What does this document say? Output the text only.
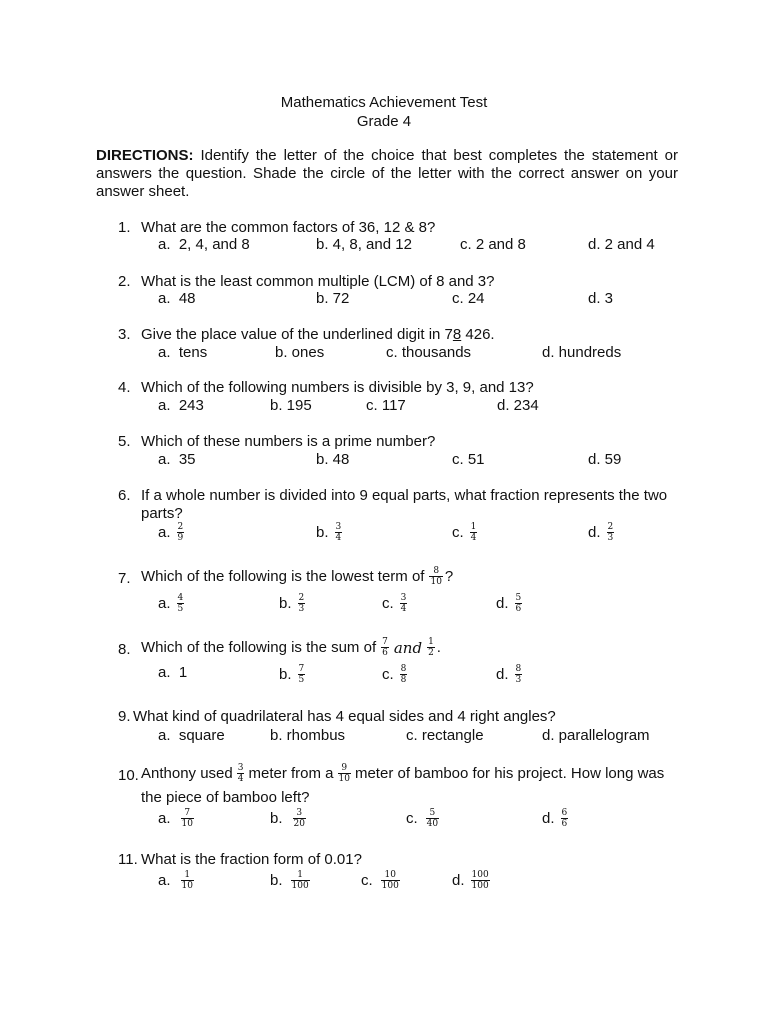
Mathematics Achievement Test
Grade 4
DIRECTIONS: Identify the letter of the choice that best completes the statement or answers the question. Shade the circle of the letter with the correct answer on your answer sheet.
1. What are the common factors of 36, 12 & 8?
a.  2, 4, and 8	b. 4, 8, and 12	c. 2 and 8	d. 2 and 4
2. What is the least common multiple (LCM) of 8 and 3?
a.  48	b. 72	c. 24	d. 3
3. Give the place value of the underlined digit in 78 426.
a.  tens	b. ones	c. thousands	d. hundreds
4. Which of the following numbers is divisible by 3, 9, and 13?
a.  243	b. 195	c. 117	d. 234
5. Which of these numbers is a prime number?
a.  35	b. 48	c. 51	d. 59
6. If a whole number is divided into 9 equal parts, what fraction represents the two
parts?
a. $\frac{2}{9}$	b. $\frac{3}{4}$	c. $\frac{1}{4}$	d. $\frac{2}{3}$
7. Which of the following is the lowest term of 8
10 ?
a. $\frac{4}{5}$	b. $\frac{2}{3}$	c. $\frac{3}{4}$	d. $\frac{5}{6}$
8. Which of the following is the sum of 7
6 and 1
2 .
a.  1	b. $\frac{7}{5}$	c. $\frac{8}{8}$	d. $\frac{8}{3}$
9. What kind of quadrilateral has 4 equal sides and 4 right angles?
a.  square	b. rhombus	c. rectangle	d. parallelogram
10. Anthony used 3
4 meter from a 9
10 meter of bamboo for his project. How long was
the piece of bamboo left?
a. $\frac{7}{10}$	b. $\frac{3}{20}$	c. $\frac{5}{40}$	d. $\frac{6}{6}$
11. What is the fraction form of 0.01?
a. $\frac{1}{10}$	b. $\frac{1}{100}$	c. $\frac{10}{100}$	d. $\frac{100}{100}$
